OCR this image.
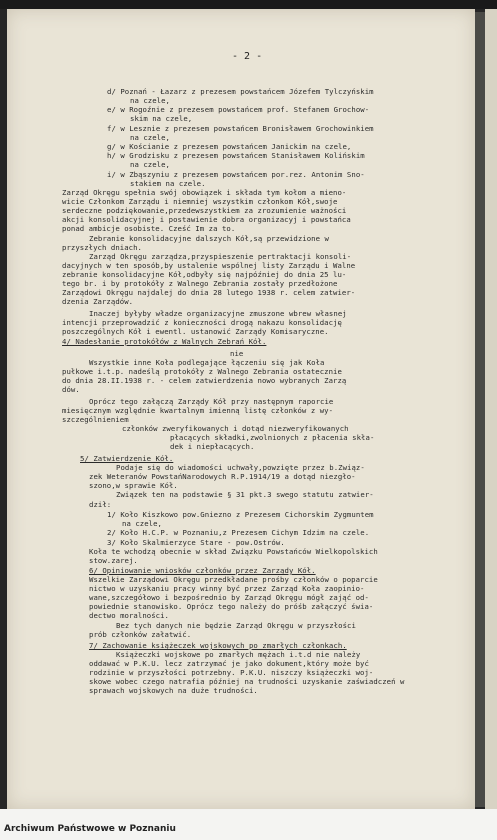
- 2 -
d/ Poznań - Łazarz z prezesem powstańcem Józefem Tylczyńskim
na czele,
e/ w Rogoźnie z prezesem powstańcem prof. Stefanem Grochow-
skim na czele,
f/ w Lesznie z prezesem powstańcem Bronisławem Grochowinkiem
na czele,
g/ w Kościanie z prezesem powstańcem Janickim na czele,
h/ w Grodzisku z prezesem powstańcem Stanisławem Kolińskim
na czele,
i/ w Zbąszyniu z prezesem powstańcem por.rez. Antonim Sno-
stakiem na czele.
Zarząd Okręgu spełnia swój obowiązek i składa tym kołom a mieno-
wicie Członkom Zarządu i niemniej wszystkim członkom Kół,swoje
serdeczne podziękowanie,przedewszystkiem za zrozumienie ważności
akcji konsolidacyjnej i postawienie dobra organizacyj i powstańca
ponad ambicje osobiste. Cześć Im za to.
Zebranie konsolidacyjne dalszych Kół,są przewidzione w
przyszłych dniach.
Zarząd Okręgu zarządza,przyspieszenie pertraktacji konsoli-
dacyjnych w ten sposób,by ustalenie wspólnej listy Zarządu i Walne
zebranie konsolidacyjne Kół,odbyły się najpóźniej do dnia 25 lu-
tego br. i by protokóły z Walnego Zebrania zostały przedłożone
Zarządowi Okręgu najdalej do dnia 28 lutego 1938 r. celem zatwier-
dzenia Zarządów.
Inaczej byłyby władze organizacyjne zmuszone wbrew własnej
intencji przeprowadzić z konieczności drogą nakazu konsolidację
poszczególnych Kół i ewentl. ustanowić Zarządy Komisaryczne.
4/ Nadesłanie protokółów z Walnych Zebrań Kół.
nie
Wszystkie inne Koła podlegające łączeniu się jak Koła
pułkowe i.t.p. nadeślą protokóły z Walnego Zebrania ostatecznie
do dnia 28.II.1938 r. - celem zatwierdzenia nowo wybranych Zarzą
dów.
Oprócz tego załączą Zarządy Kół przy następnym raporcie
miesięcznym względnie kwartalnym imienną listę członków z wy-
szczególnieniem
członków zweryfikowanych i dotąd niezweryfikowanych
płacących składki,zwolnionych z płacenia skła-
dek i niepłacących.
5/ Zatwierdzenie Kół.
Podaje się do wiadomości uchwały,powzięte przez b.Związ-
zek Weteranów PowstańNarodowych R.P.1914/19 a dotąd niezgło-
szono,w sprawie Kół.
Związek ten na podstawie § 31 pkt.3 swego statutu zatwier-
dził:
1/ Koło Kiszkowo pow.Gniezno z Prezesem Cichorskim Zygmuntem
na czele,
2/ Koło H.C.P. w Poznaniu,z Prezesem Cichym Idzim na czele.
3/ Koło Skalmierzyce Stare - pow.Ostrów.
Koła te wchodzą obecnie w skład Związku Powstańców Wielkopolskich
stow.zarej.
6/ Opiniowanie wniosków członków przez Zarządy Kół.
Wszelkie Zarządowi Okręgu przedkładane prośby członków o poparcie
nictwo w uzyskaniu pracy winny być przez Zarząd Koła zaopinio-
wane,szczegółowo i bezpośrednio by Zarząd Okręgu mógł zająć od-
powiednie stanowisko. Oprócz tego należy do próśb załączyć świa-
dectwo moralności.
Bez tych danych nie będzie Zarząd Okręgu w przyszłości
prób członków załatwić.
7/ Zachowanie książeczek wojskowych po zmarłych członkach.
Książeczki wojskowe po zmarłych mężach i.t.d nie należy
oddawać w P.K.U. lecz zatrzymać je jako dokument,który może być
rodzinie w przyszłości potrzebny. P.K.U. niszczy książeczki woj-
skowe wobec czego natrafia później na trudności uzyskanie zaświadczeń w
sprawach wojskowych na duże trudności.
Archiwum Państwowe w Poznaniu
